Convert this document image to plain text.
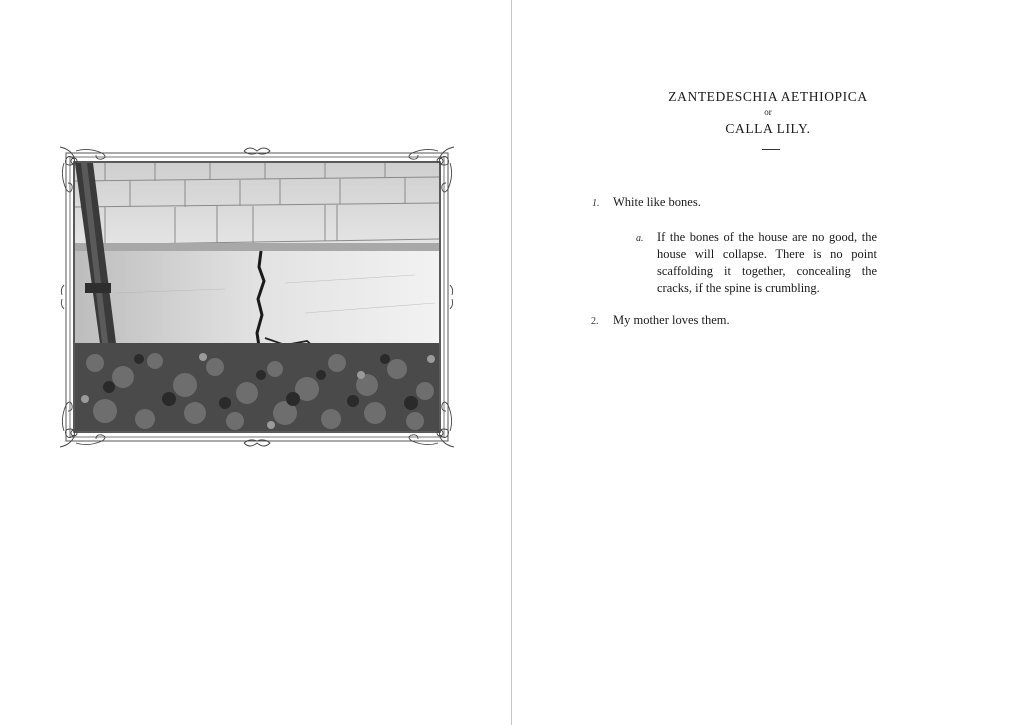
ZANTEDESCHIA AETHIOPICA
or
CALLA LILY.
1. White like bones.
a. If the bones of the house are no good, the house will collapse. There is no point scaffolding it together, concealing the cracks, if the spine is crumbling.
2. My mother loves them.
